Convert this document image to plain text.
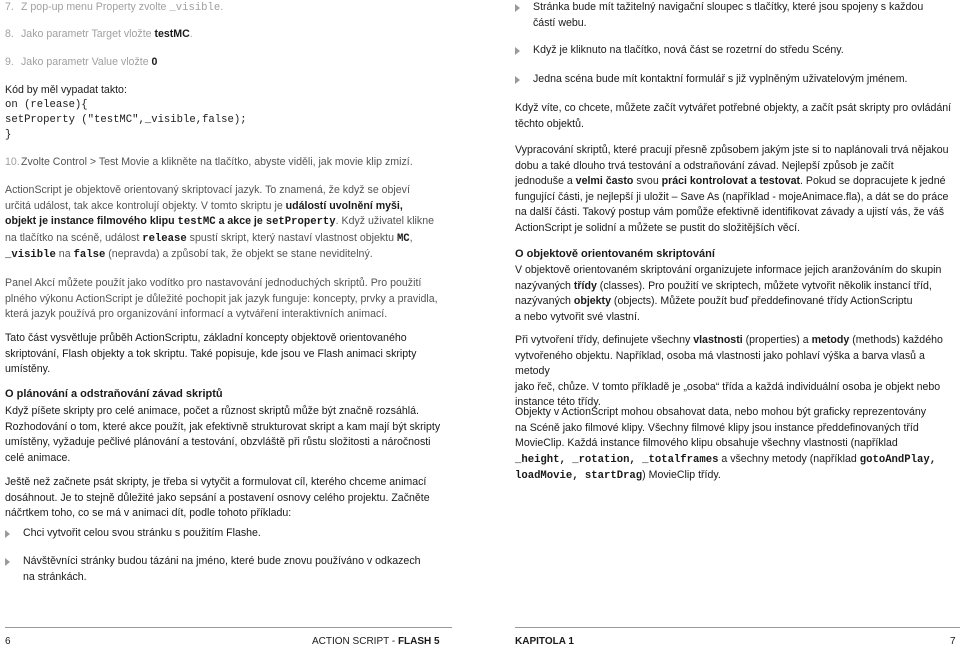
7. Z pop-up menu Property zvolte _visible.
8. Jako parametr Target vložte testMC.
9. Jako parametr Value vložte 0
Kód by měl vypadat takto:
on (release){
setProperty ("testMC",_visible,false);
}
10.Zvolte Control > Test Movie a klikněte na tlačítko, abyste viděli, jak movie klip zmizí.
ActionScript je objektově orientovaný skriptovací jazyk. To znamená, že když se objeví
určitá událost, tak akce kontrolují objekty. V tomto skriptu je událostí uvolnění myši,
objekt je instance filmového klipu testMC a akce je setProperty. Když uživatel klikne
na tlačítko na scéně, událost release spustí skript, který nastaví vlastnost objektu MC,
_visible na false (nepravda) a způsobí tak, že objekt se stane neviditelný.
Panel Akcí můžete použít jako vodítko pro nastavování jednoduchých skriptů. Pro použití
plného výkonu ActionScript je důležité pochopit jak jazyk funguje: koncepty, prvky a pravidla,
která jazyk používá pro organizování informací a vytváření interaktivních animací.
Tato část vysvětluje průběh ActionScriptu, základní koncepty objektově orientovaného
skriptování, Flash objekty a tok skriptu. Také popisuje, kde jsou ve Flash animaci skripty
umístěny.
O plánování a odstraňování závad skriptů
Když píšete skripty pro celé animace, počet a různost skriptů může být značně rozsáhlá.
Rozhodování o tom, které akce použít, jak efektivně strukturovat skript a kam mají být skripty
umístěny, vyžaduje pečlivé plánování a testování, obzvláště při růstu složitosti a náročnosti
celé animace.
Ještě než začnete psát skripty, je třeba si vytyčit a formulovat cíl, kterého chceme animací
dosáhnout. Je to stejně důležité jako sepsání a postavení osnovy celého projektu. Začněte
náčrtkem toho, co se má v animaci dít, podle tohoto příkladu:
Chci vytvořit celou svou stránku s použitím Flashe.
Návštěvníci stránky budou tázáni na jméno, které bude znovu používáno v odkazech
na stránkách.
Stránka bude mít tažitelný navigační sloupec s tlačítky, které jsou spojeny s každou
částí webu.
Když je kliknuto na tlačítko, nová část se rozetrní do středu Scény.
Jedna scéna bude mít kontaktní formulář s již vyplněným uživatelovým jménem.
Když víte, co chcete, můžete začít vytvářet potřebné objekty, a začít psát skripty pro ovládání
těchto objektů.
Vypracování skriptů, které pracují přesně způsobem jakým jste si to naplánovali trvá nějakou
dobu a také dlouho trvá testování a odstraňování závad. Nejlepší způsob je začít
jednoduše a velmi často svou práci kontrolovat a testovat. Pokud se dopracujete k jedné
fungující části, je nejlepší ji uložit – Save As (například - mojeAnimace.fla), a dát se do práce
na další části. Takový postup vám pomůže efektivně identifikovat závady a ujistí vás, že váš
ActionScript je solidní a můžete se pustit do složitějších věcí.
O objektově orientovaném skriptování
V objektově orientovaném skriptování organizujete informace jejich aranžováním do skupin
nazývaných třídy (classes). Pro použití ve skriptech, můžete vytvořit několik instancí tříd,
nazývaných objekty (objects). Můžete použít buď předdefinované třídy ActionScriptu
a nebo vytvořit své vlastní.
Při vytvoření třídy, definujete všechny vlastnosti (properties) a metody (methods) každého
vytvořeného objektu. Například, osoba má vlastnosti jako pohlaví výška a barva vlasů a metody
jako řeč, chůze. V tomto příkladě je „osoba“ třída a každá individuální osoba je objekt nebo
instance této třídy.
Objekty v ActionScript mohou obsahovat data, nebo mohou být graficky reprezentovány
na Scéně jako filmové klipy. Všechny filmové klipy jsou instance předdefinovaných tříd
MovieClip. Každá instance filmového klipu obsahuje všechny vlastnosti (například
_height, _rotation, _totalframes a všechny metody (například gotoAndPlay,
loadMovie, startDrag) MovieClip třídy.
6	ACTION SCRIPT - FLASH 5	KAPITOLA 1	7
